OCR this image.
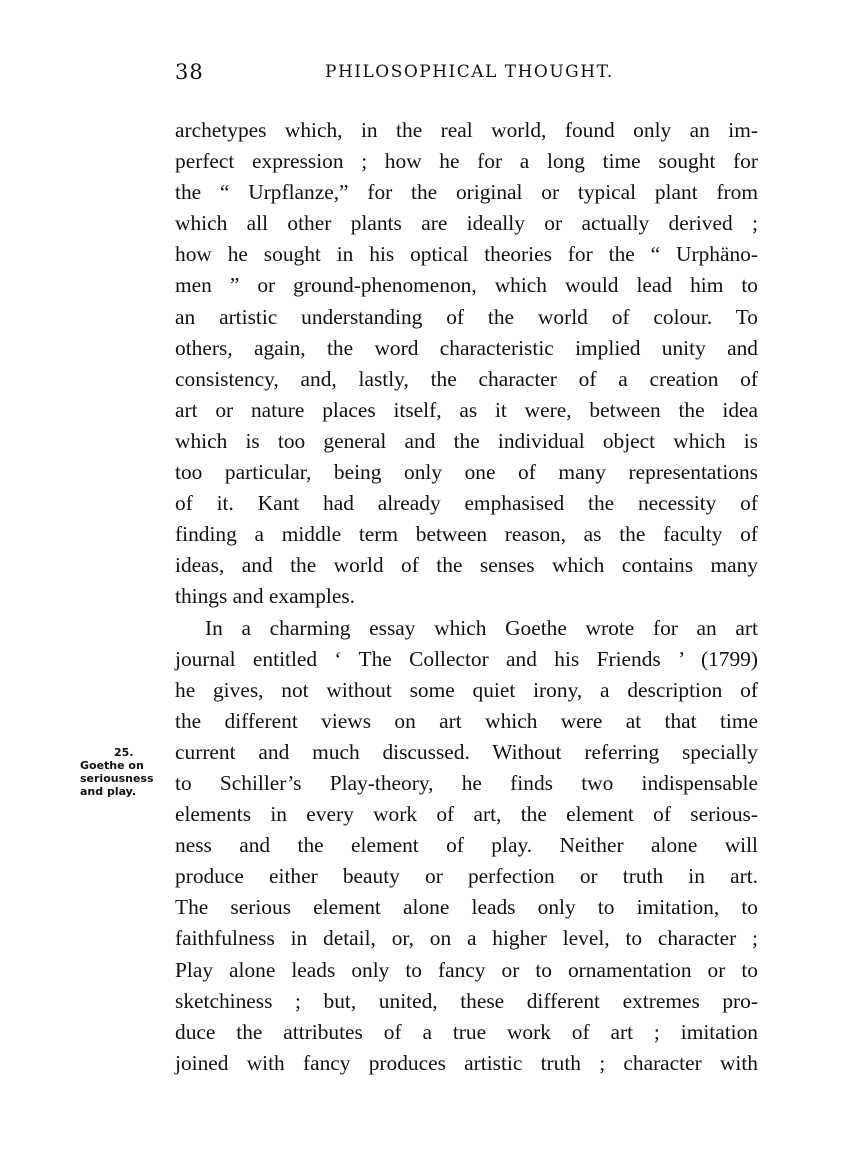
38	PHILOSOPHICAL THOUGHT.
25.
Goethe on
seriousness
and play.
archetypes which, in the real world, found only an im-
perfect expression ; how he for a long time sought for
the “ Urpflanze,” for the original or typical plant from
which all other plants are ideally or actually derived ;
how he sought in his optical theories for the “ Urphäno-
men ” or ground-phenomenon, which would lead him to
an artistic understanding of the world of colour. To
others, again, the word characteristic implied unity and
consistency, and, lastly, the character of a creation of
art or nature places itself, as it were, between the idea
which is too general and the individual object which is
too particular, being only one of many representations
of it. Kant had already emphasised the necessity of
finding a middle term between reason, as the faculty of
ideas, and the world of the senses which contains many
things and examples.
In a charming essay which Goethe wrote for an art
journal entitled ‘ The Collector and his Friends ’ (1799)
he gives, not without some quiet irony, a description of
the different views on art which were at that time
current and much discussed. Without referring specially
to Schiller’s Play-theory, he finds two indispensable
elements in every work of art, the element of serious-
ness and the element of play. Neither alone will
produce either beauty or perfection or truth in art.
The serious element alone leads only to imitation, to
faithfulness in detail, or, on a higher level, to character ;
Play alone leads only to fancy or to ornamentation or to
sketchiness ; but, united, these different extremes pro-
duce the attributes of a true work of art ; imitation
joined with fancy produces artistic truth ; character with
